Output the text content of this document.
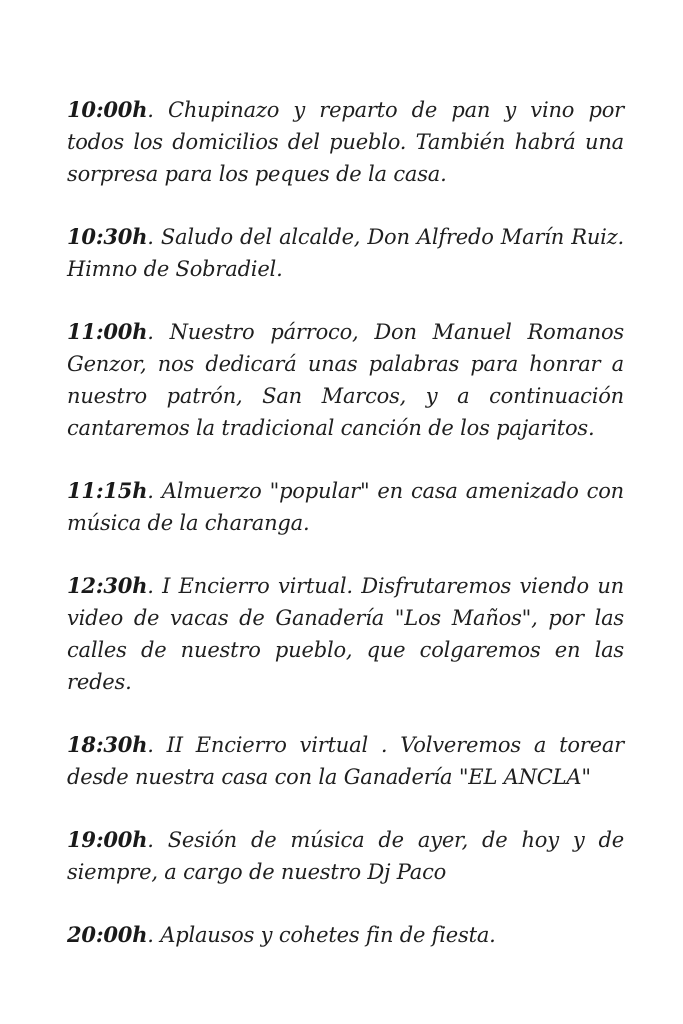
10:00h. Chupinazo y reparto de pan y vino por todos los domicilios del pueblo. También habrá una sorpresa para los peques de la casa.

10:30h. Saludo del alcalde, Don Alfredo Marín Ruiz. Himno de Sobradiel.

11:00h. Nuestro párroco, Don Manuel Romanos Genzor, nos dedicará unas palabras para honrar a nuestro patrón, San Marcos, y a continuación cantaremos la tradicional canción de los pajaritos.

11:15h. Almuerzo "popular" en casa amenizado con música de la charanga.

12:30h. I Encierro virtual. Disfrutaremos viendo un video de vacas de Ganadería "Los Maños", por las calles de nuestro pueblo, que colgaremos en las redes.

18:30h. II Encierro virtual . Volveremos a torear desde nuestra casa con la Ganadería "EL ANCLA"

19:00h. Sesión de música de ayer, de hoy y de siempre, a cargo de nuestro Dj Paco

20:00h. Aplausos y cohetes fin de fiesta.
